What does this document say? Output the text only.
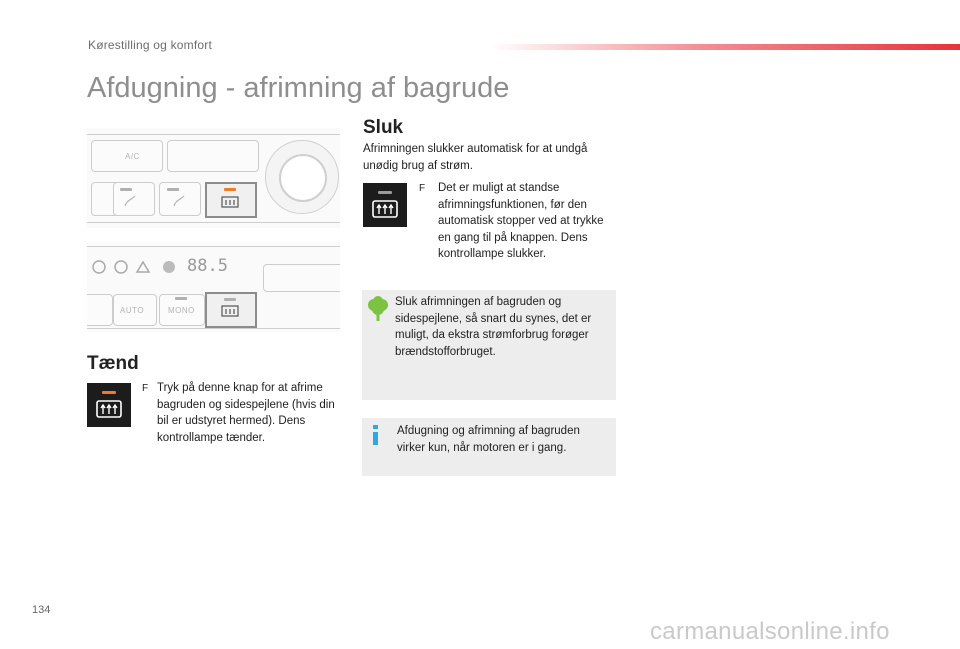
Kørestilling og komfort
Afdugning - afrimning af bagrude
A/C
88.5
AUTO	MONO
Tænd
F Tryk på denne knap for at afrime bagruden og sidespejlene (hvis din bil er udstyret hermed). Dens kontrollampe tænder.
Sluk
Afrimningen slukker automatisk for at undgå unødig brug af strøm.
F Det er muligt at standse afrimningsfunktionen, før den automatisk stopper ved at trykke en gang til på knappen. Dens kontrollampe slukker.
Sluk afrimningen af bagruden og sidespejlene, så snart du synes, det er muligt, da ekstra strømforbrug forøger brændstofforbruget.
Afdugning og afrimning af bagruden virker kun, når motoren er i gang.
134
carmanualsonline.info
